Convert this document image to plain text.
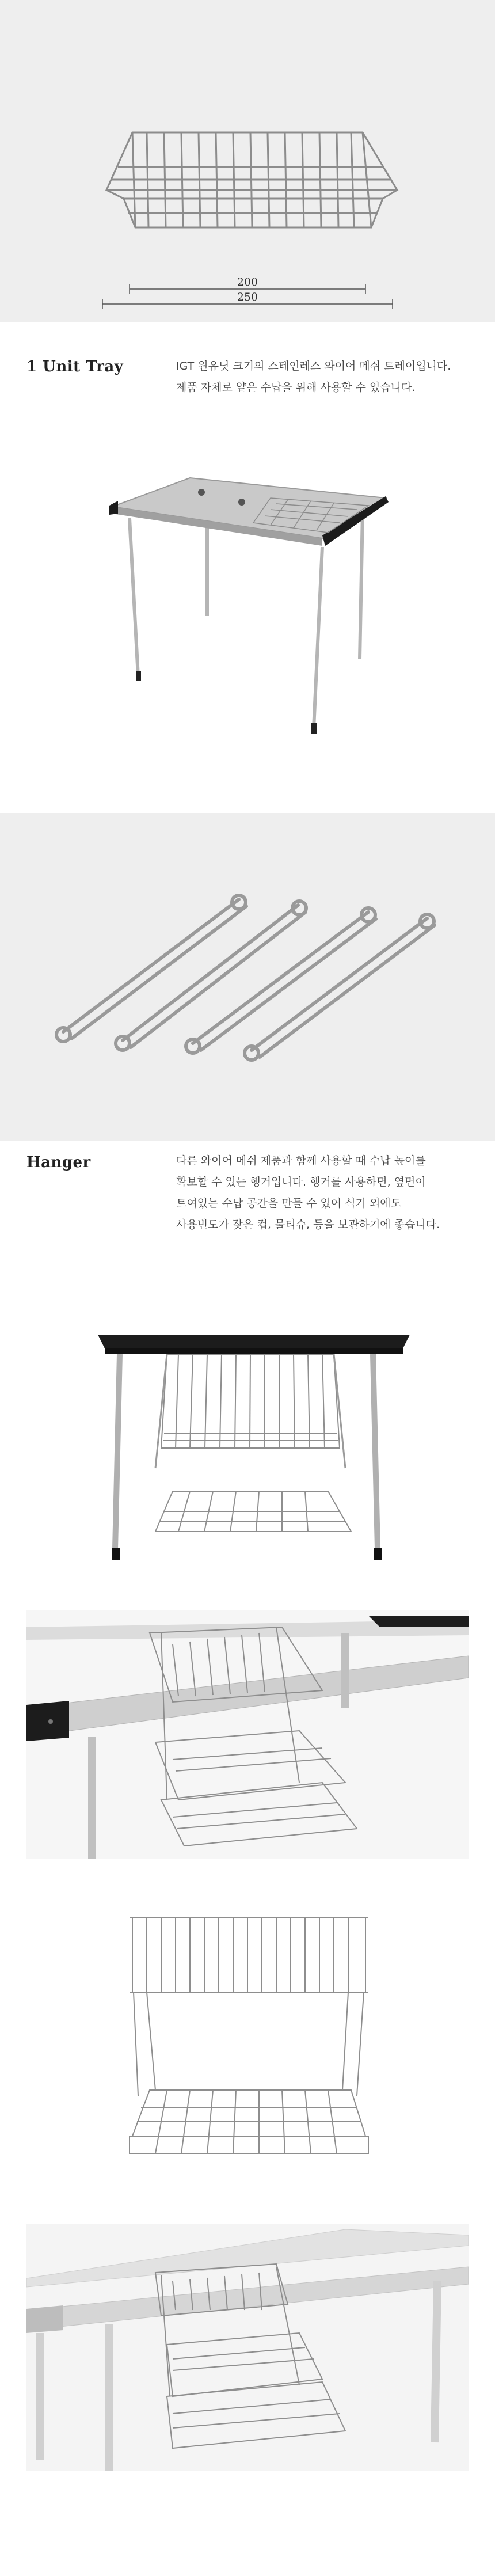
200
250
1 Unit Tray	IGT 원유닛 크기의 스테인레스 와이어 메쉬 트레이입니다.
제품 자체로 얕은 수납을 위해 사용할 수 있습니다.
Hanger	다른 와이어 메쉬 제품과 함께 사용할 때 수납 높이를
확보할 수 있는 행거입니다. 행거를 사용하면, 옆면이
트여있는 수납 공간을 만들 수 있어 식기 외에도
사용빈도가 잦은 컵, 물티슈, 등을 보관하기에 좋습니다.
